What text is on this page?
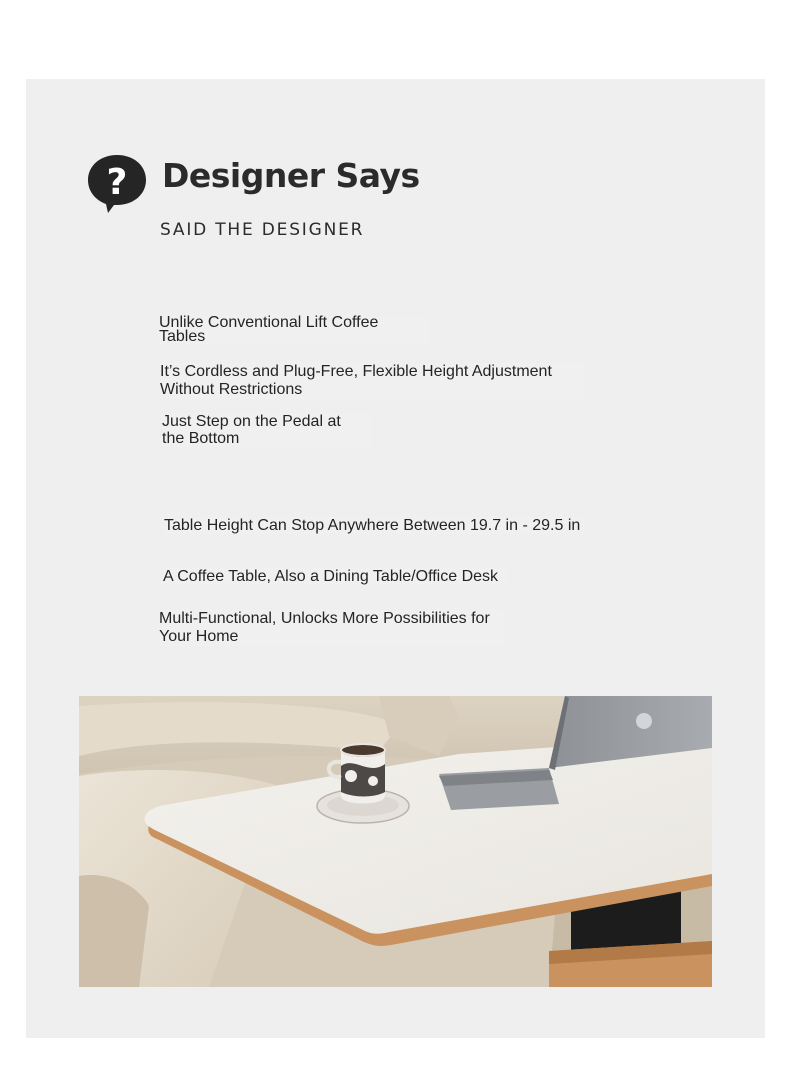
? Designer Says
SAID THE DESIGNER
Unlike Conventional Lift Coffee
Tables
It’s Cordless and Plug-Free, Flexible Height Adjustment
Without Restrictions
Just Step on the Pedal at
the Bottom
Table Height Can Stop Anywhere Between 19.7 in - 29.5 in
A Coffee Table, Also a Dining Table/Office Desk
Multi-Functional, Unlocks More Possibilities for
Your Home
